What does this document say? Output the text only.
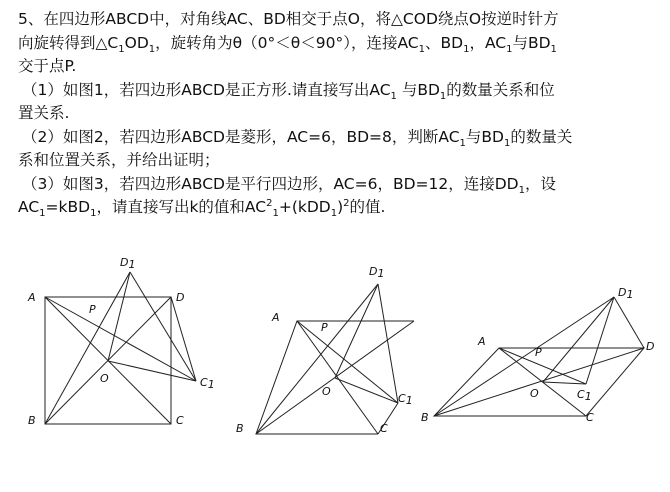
5、在四边形ABCD中，对角线AC、BD相交于点O，将△COD绕点O按逆时针方

向旋转得到$\triangle C_1OD_1$，旋转角为θ（0°＜θ＜90°），连接$AC_1$、$BD_1$，$AC_1$与$BD_1$

交于点P.

（1）如图1，若四边形ABCD是正方形.请直接写出$AC_1$ 与$BD_1$的数量关系和位

置关系.

（2）如图2，若四边形ABCD是菱形，AC=6，BD=8，判断$AC_1$与$BD_1$的数量关

系和位置关系，并给出证明；

（3）如图3，若四边形ABCD是平行四边形，AC=6，BD=12，连接$DD_1$，设

$AC_1=kBD_1$，请直接写出k的值和$AC^2_1+(kDD_1)^2$的值.

A	D
B	C
O
P
D1
C1
A
B	C
O
P
D1
C1
A	D
B	C
O
P
D1
C1
